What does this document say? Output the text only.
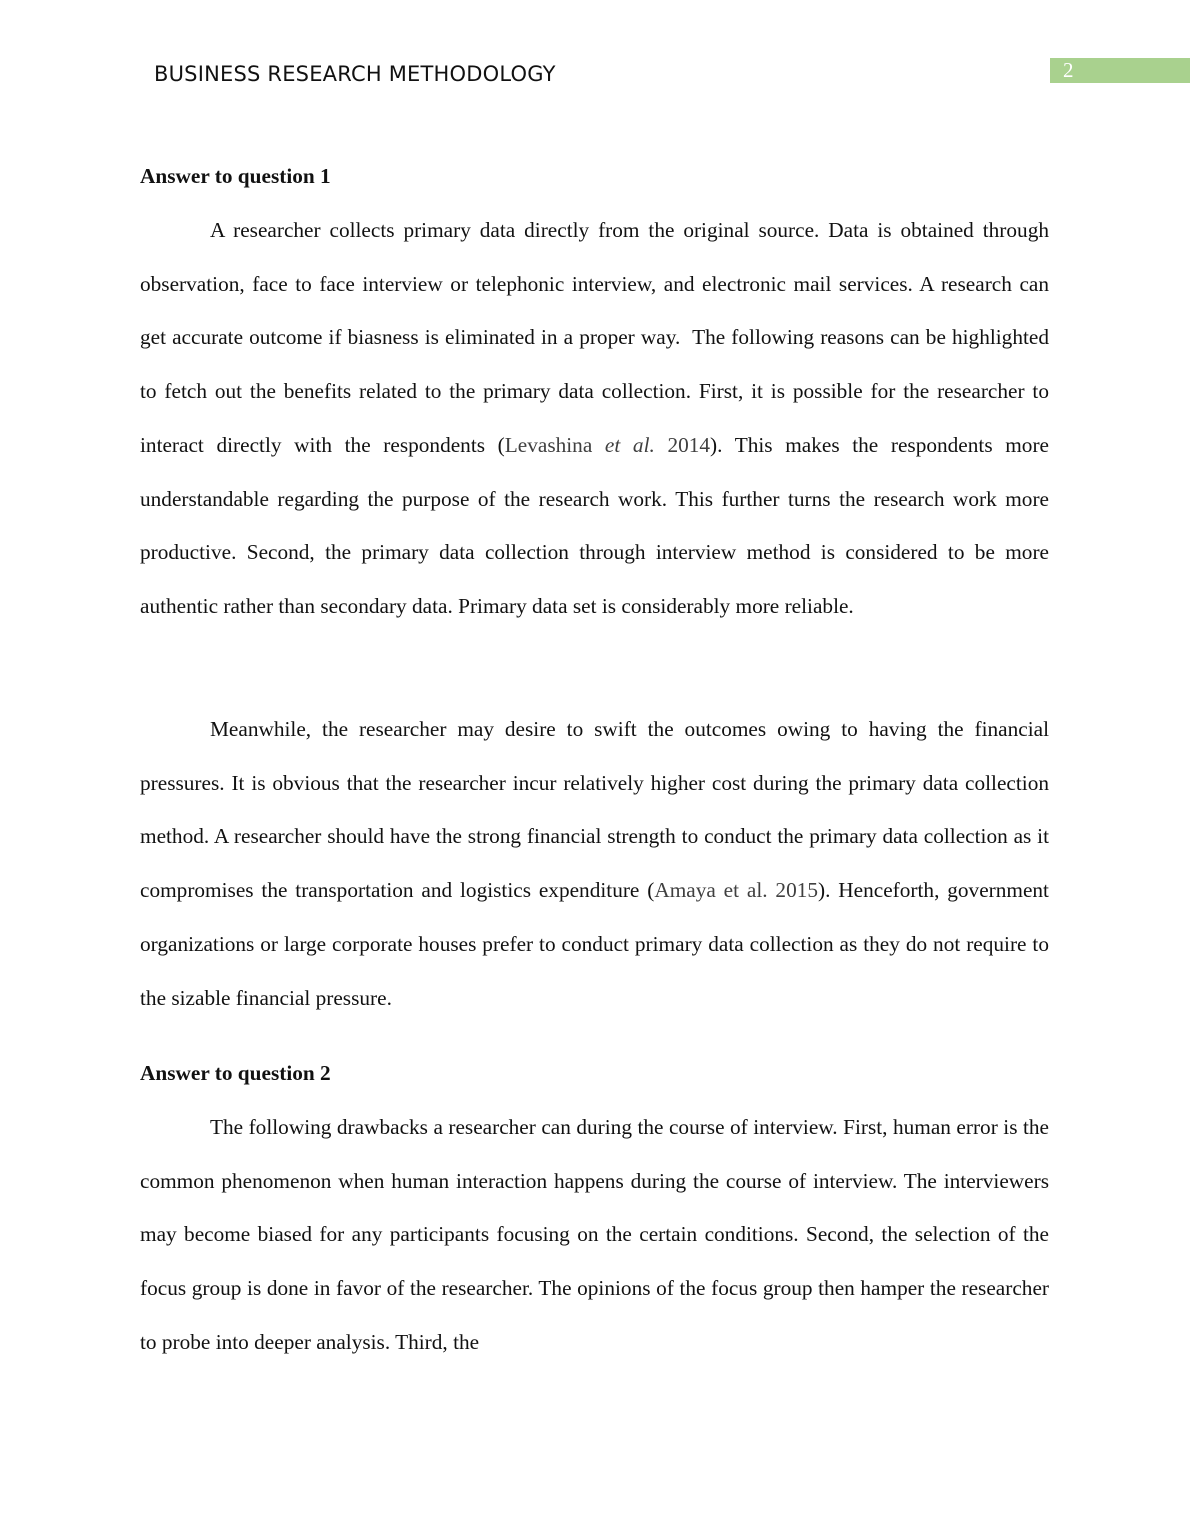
BUSINESS RESEARCH METHODOLOGY	2
Answer to question 1

A researcher collects primary data directly from the original source. Data is obtained through observation, face to face interview or telephonic interview, and electronic mail services. A research can get accurate outcome if biasness is eliminated in a proper way.  The following reasons can be highlighted to fetch out the benefits related to the primary data collection. First, it is possible for the researcher to interact directly with the respondents (Levashina et al. 2014). This makes the respondents more understandable regarding the purpose of the research work. This further turns the research work more productive. Second, the primary data collection through interview method is considered to be more authentic rather than secondary data. Primary data set is considerably more reliable.

Meanwhile, the researcher may desire to swift the outcomes owing to having the financial pressures. It is obvious that the researcher incur relatively higher cost during the primary data collection method. A researcher should have the strong financial strength to conduct the primary data collection as it compromises the transportation and logistics expenditure (Amaya et al. 2015). Henceforth, government organizations or large corporate houses prefer to conduct primary data collection as they do not require to the sizable financial pressure.

Answer to question 2

The following drawbacks a researcher can during the course of interview. First, human error is the common phenomenon when human interaction happens during the course of interview. The interviewers may become biased for any participants focusing on the certain conditions. Second, the selection of the focus group is done in favor of the researcher. The opinions of the focus group then hamper the researcher to probe into deeper analysis. Third, the
